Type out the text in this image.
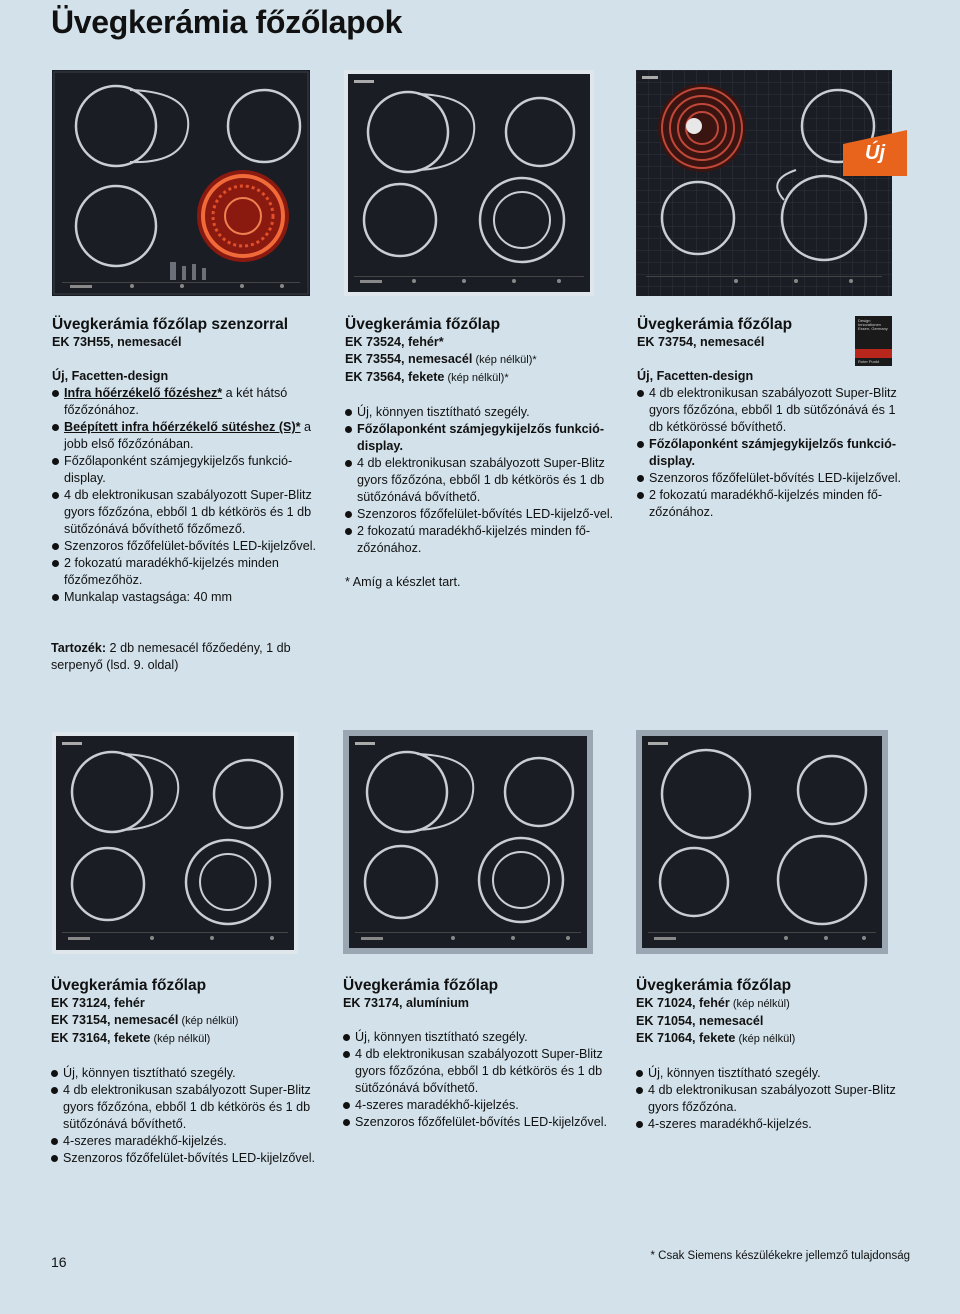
Üvegkerámia főzőlapok
Új
Üvegkerámia főzőlap szenzorral
EK 73H55, nemesacél
Új, Facetten-design
Infra hőérzékelő főzéshez* a két hátsó főzőzónához.
Beépített infra hőérzékelő sütéshez (S)* a jobb első főzőzónában.
Főzőlaponként számjegykijelzős funkció-display.
4 db elektronikusan szabályozott Super-Blitz gyors főzőzóna, ebből 1 db kétkörös és 1 db sütőzónává bővíthető főzőmező.
Szenzoros főzőfelület-bővítés LED-kijelzővel.
2 fokozatú maradékhő-kijelzés minden főzőmezőhöz.
Munkalap vastagsága: 40 mm
Tartozék: 2 db nemesacél főzőedény, 1 db serpenyő (lsd. 9. oldal)
Üvegkerámia főzőlap
EK 73524, fehér*
EK 73554, nemesacél (kép nélkül)*
EK 73564, fekete (kép nélkül)*
Új, könnyen tisztítható szegély.
Főzőlaponként számjegykijelzős funkció-display.
4 db elektronikusan szabályozott Super-Blitz gyors főzőzóna, ebből 1 db kétkörös és 1 db sütőzónává bővíthető.
Szenzoros főzőfelület-bővítés LED-kijelző-vel.
2 fokozatú maradékhő-kijelzés minden fő-zőzónához.
* Amíg a készlet tart.
Üvegkerámia főzőlap
EK 73754, nemesacél
Új, Facetten-design
4 db elektronikusan szabályozott Super-Blitz gyors főzőzóna, ebből 1 db sütőzónává és 1 db kétkörössé bővíthető.
Főzőlaponként számjegykijelzős funkció-display.
Szenzoros főzőfelület-bővítés LED-kijelzővel.
2 fokozatú maradékhő-kijelzés minden fő-zőzónához.
Design Innovationen
Essen, Germany
Roter Punkt
Üvegkerámia főzőlap
EK 73124, fehér
EK 73154, nemesacél (kép nélkül)
EK 73164, fekete (kép nélkül)
Új, könnyen tisztítható szegély.
4 db elektronikusan szabályozott Super-Blitz gyors főzőzóna, ebből 1 db kétkörös és 1 db sütőzónává bővíthető.
4-szeres maradékhő-kijelzés.
Szenzoros főzőfelület-bővítés LED-kijelzővel.
Üvegkerámia főzőlap
EK 73174, alumínium
Új, könnyen tisztítható szegély.
4 db elektronikusan szabályozott Super-Blitz gyors főzőzóna, ebből 1 db kétkörös és 1 db sütőzónává bővíthető.
4-szeres maradékhő-kijelzés.
Szenzoros főzőfelület-bővítés LED-kijelzővel.
Üvegkerámia főzőlap
EK 71024, fehér (kép nélkül)
EK 71054, nemesacél
EK 71064, fekete (kép nélkül)
Új, könnyen tisztítható szegély.
4 db elektronikusan szabályozott Super-Blitz gyors főzőzóna.
4-szeres maradékhő-kijelzés.
16	* Csak Siemens készülékekre jellemző tulajdonság
